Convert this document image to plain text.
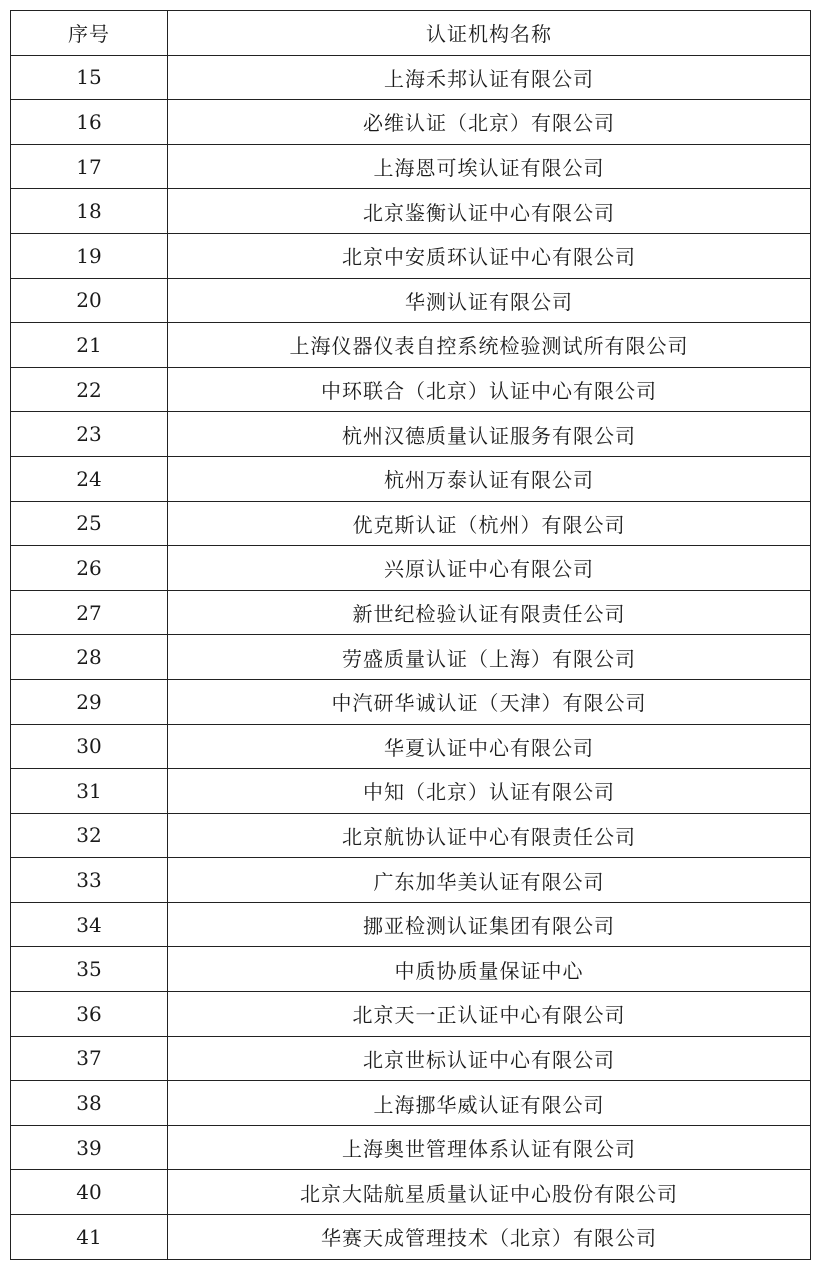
序号	认证机构名称
15	上海禾邦认证有限公司
16	必维认证（北京）有限公司
17	上海恩可埃认证有限公司
18	北京鉴衡认证中心有限公司
19	北京中安质环认证中心有限公司
20	华测认证有限公司
21	上海仪器仪表自控系统检验测试所有限公司
22	中环联合（北京）认证中心有限公司
23	杭州汉德质量认证服务有限公司
24	杭州万泰认证有限公司
25	优克斯认证（杭州）有限公司
26	兴原认证中心有限公司
27	新世纪检验认证有限责任公司
28	劳盛质量认证（上海）有限公司
29	中汽研华诚认证（天津）有限公司
30	华夏认证中心有限公司
31	中知（北京）认证有限公司
32	北京航协认证中心有限责任公司
33	广东加华美认证有限公司
34	挪亚检测认证集团有限公司
35	中质协质量保证中心
36	北京天一正认证中心有限公司
37	北京世标认证中心有限公司
38	上海挪华威认证有限公司
39	上海奥世管理体系认证有限公司
40	北京大陆航星质量认证中心股份有限公司
41	华赛天成管理技术（北京）有限公司
